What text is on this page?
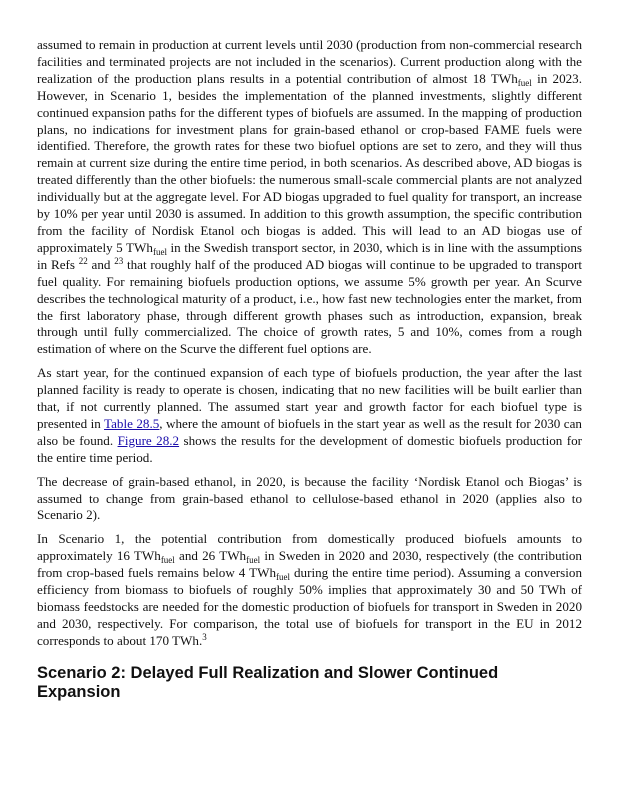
assumed to remain in production at current levels until 2030 (production from non-commercial research facilities and terminated projects are not included in the scenarios). Current production along with the realization of the production plans results in a potential contribution of almost 18 TWh$_{fuel}$ in 2023. However, in Scenario 1, besides the implementation of the planned investments, slightly different continued expansion paths for the different types of biofuels are assumed. In the mapping of production plans, no indications for investment plans for grain-based ethanol or crop-based FAME fuels were identified. Therefore, the growth rates for these two biofuel options are set to zero, and they will thus remain at current size during the entire time period, in both scenarios. As described above, AD biogas is treated differently than the other biofuels: the numerous small-scale commercial plants are not analyzed individually but at the aggregate level. For AD biogas upgraded to fuel quality for transport, an increase by 10% per year until 2030 is assumed. In addition to this growth assumption, the specific contribution from the facility of Nordisk Etanol och biogas is added. This will lead to an AD biogas use of approximately 5 TWh$_{fuel}$ in the Swedish transport sector, in 2030, which is in line with the assumptions in Refs $^{22}$ and $^{23}$ that roughly half of the produced AD biogas will continue to be upgraded to transport fuel quality. For remaining biofuels production options, we assume 5% growth per year. An Scurve describes the technological maturity of a product, i.e., how fast new technologies enter the market, from the first laboratory phase, through different growth phases such as introduction, expansion, break through until fully commercialized. The choice of growth rates, 5 and 10%, comes from a rough estimation of where on the Scurve the different fuel options are.

As start year, for the continued expansion of each type of biofuels production, the year after the last planned facility is ready to operate is chosen, indicating that no new facilities will be built earlier than that, if not currently planned. The assumed start year and growth factor for each biofuel type is presented in Table 28.5, where the amount of biofuels in the start year as well as the result for 2030 can also be found. Figure 28.2 shows the results for the development of domestic biofuels production for the entire time period.

The decrease of grain-based ethanol, in 2020, is because the facility ‘Nordisk Etanol och Biogas’ is assumed to change from grain-based ethanol to cellulose-based ethanol in 2020 (applies also to Scenario 2).

In Scenario 1, the potential contribution from domestically produced biofuels amounts to approximately 16 TWh$_{fuel}$ and 26 TWh$_{fuel}$ in Sweden in 2020 and 2030, respectively (the contribution from crop-based fuels remains below 4 TWh$_{fuel}$ during the entire time period). Assuming a conversion efficiency from biomass to biofuels of roughly 50% implies that approximately 30 and 50 TWh of biomass feedstocks are needed for the domestic production of biofuels for transport in Sweden in 2020 and 2030, respectively. For comparison, the total use of biofuels for transport in the EU in 2012 corresponds to about 170 TWh.$^3$

Scenario 2: Delayed Full Realization and Slower Continued Expansion
